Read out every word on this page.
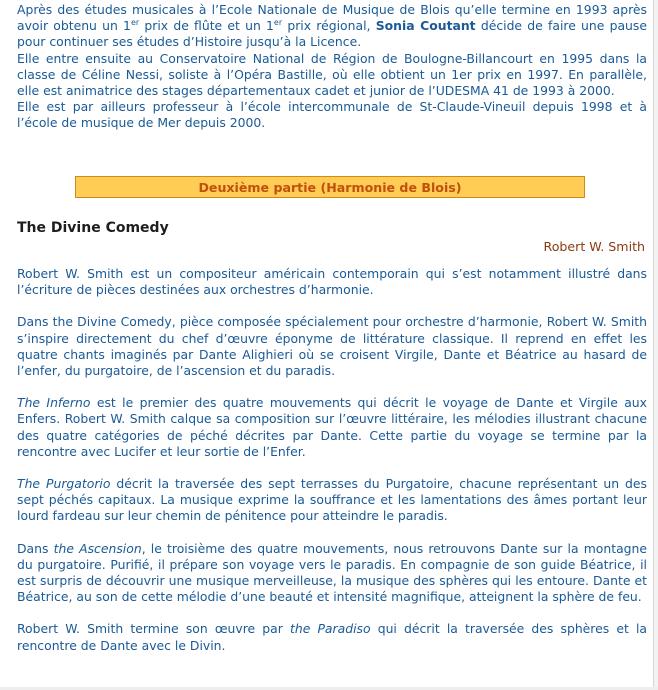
Après des études musicales à l’Ecole Nationale de Musique de Blois qu’elle termine en 1993 après avoir obtenu un 1er prix de flûte et un 1er prix régional, Sonia Coutant décide de faire une pause pour continuer ses études d’Histoire jusqu’à la Licence.

Elle entre ensuite au Conservatoire National de Région de Boulogne-Billancourt en 1995 dans la classe de Céline Nessi, soliste à l’Opéra Bastille, où elle obtient un 1er prix en 1997. En parallèle, elle est animatrice des stages départementaux cadet et junior de l’UDESMA 41 de 1993 à 2000.

Elle est par ailleurs professeur à l’école intercommunale de St-Claude-Vineuil depuis 1998 et à l’école de musique de Mer depuis 2000.

Deuxième partie (Harmonie de Blois)
The Divine Comedy
Robert W. Smith

Robert W. Smith est un compositeur américain contemporain qui s’est notamment illustré dans l’écriture de pièces destinées aux orchestres d’harmonie.

Dans the Divine Comedy, pièce composée spécialement pour orchestre d’harmonie, Robert W. Smith s’inspire directement du chef d’œuvre éponyme de littérature classique. Il reprend en effet les quatre chants imaginés par Dante Alighieri où se croisent Virgile, Dante et Béatrice au hasard de l’enfer, du purgatoire, de l’ascension et du paradis.

The Inferno est le premier des quatre mouvements qui décrit le voyage de Dante et Virgile aux Enfers. Robert W. Smith calque sa composition sur l’œuvre littéraire, les mélodies illustrant chacune des quatre catégories de péché décrites par Dante. Cette partie du voyage se termine par la rencontre avec Lucifer et leur sortie de l’Enfer.

The Purgatorio décrit la traversée des sept terrasses du Purgatoire, chacune représentant un des sept péchés capitaux. La musique exprime la souffrance et les lamentations des âmes portant leur lourd fardeau sur leur chemin de pénitence pour atteindre le paradis.

Dans the Ascension, le troisième des quatre mouvements, nous retrouvons Dante sur la montagne du purgatoire. Purifié, il prépare son voyage vers le paradis. En compagnie de son guide Béatrice, il est surpris de découvrir une musique merveilleuse, la musique des sphères qui les entoure. Dante et Béatrice, au son de cette mélodie d’une beauté et intensité magnifique, atteignent la sphère de feu.

Robert W. Smith termine son œuvre par the Paradiso qui décrit la traversée des sphères et la rencontre de Dante avec le Divin.
